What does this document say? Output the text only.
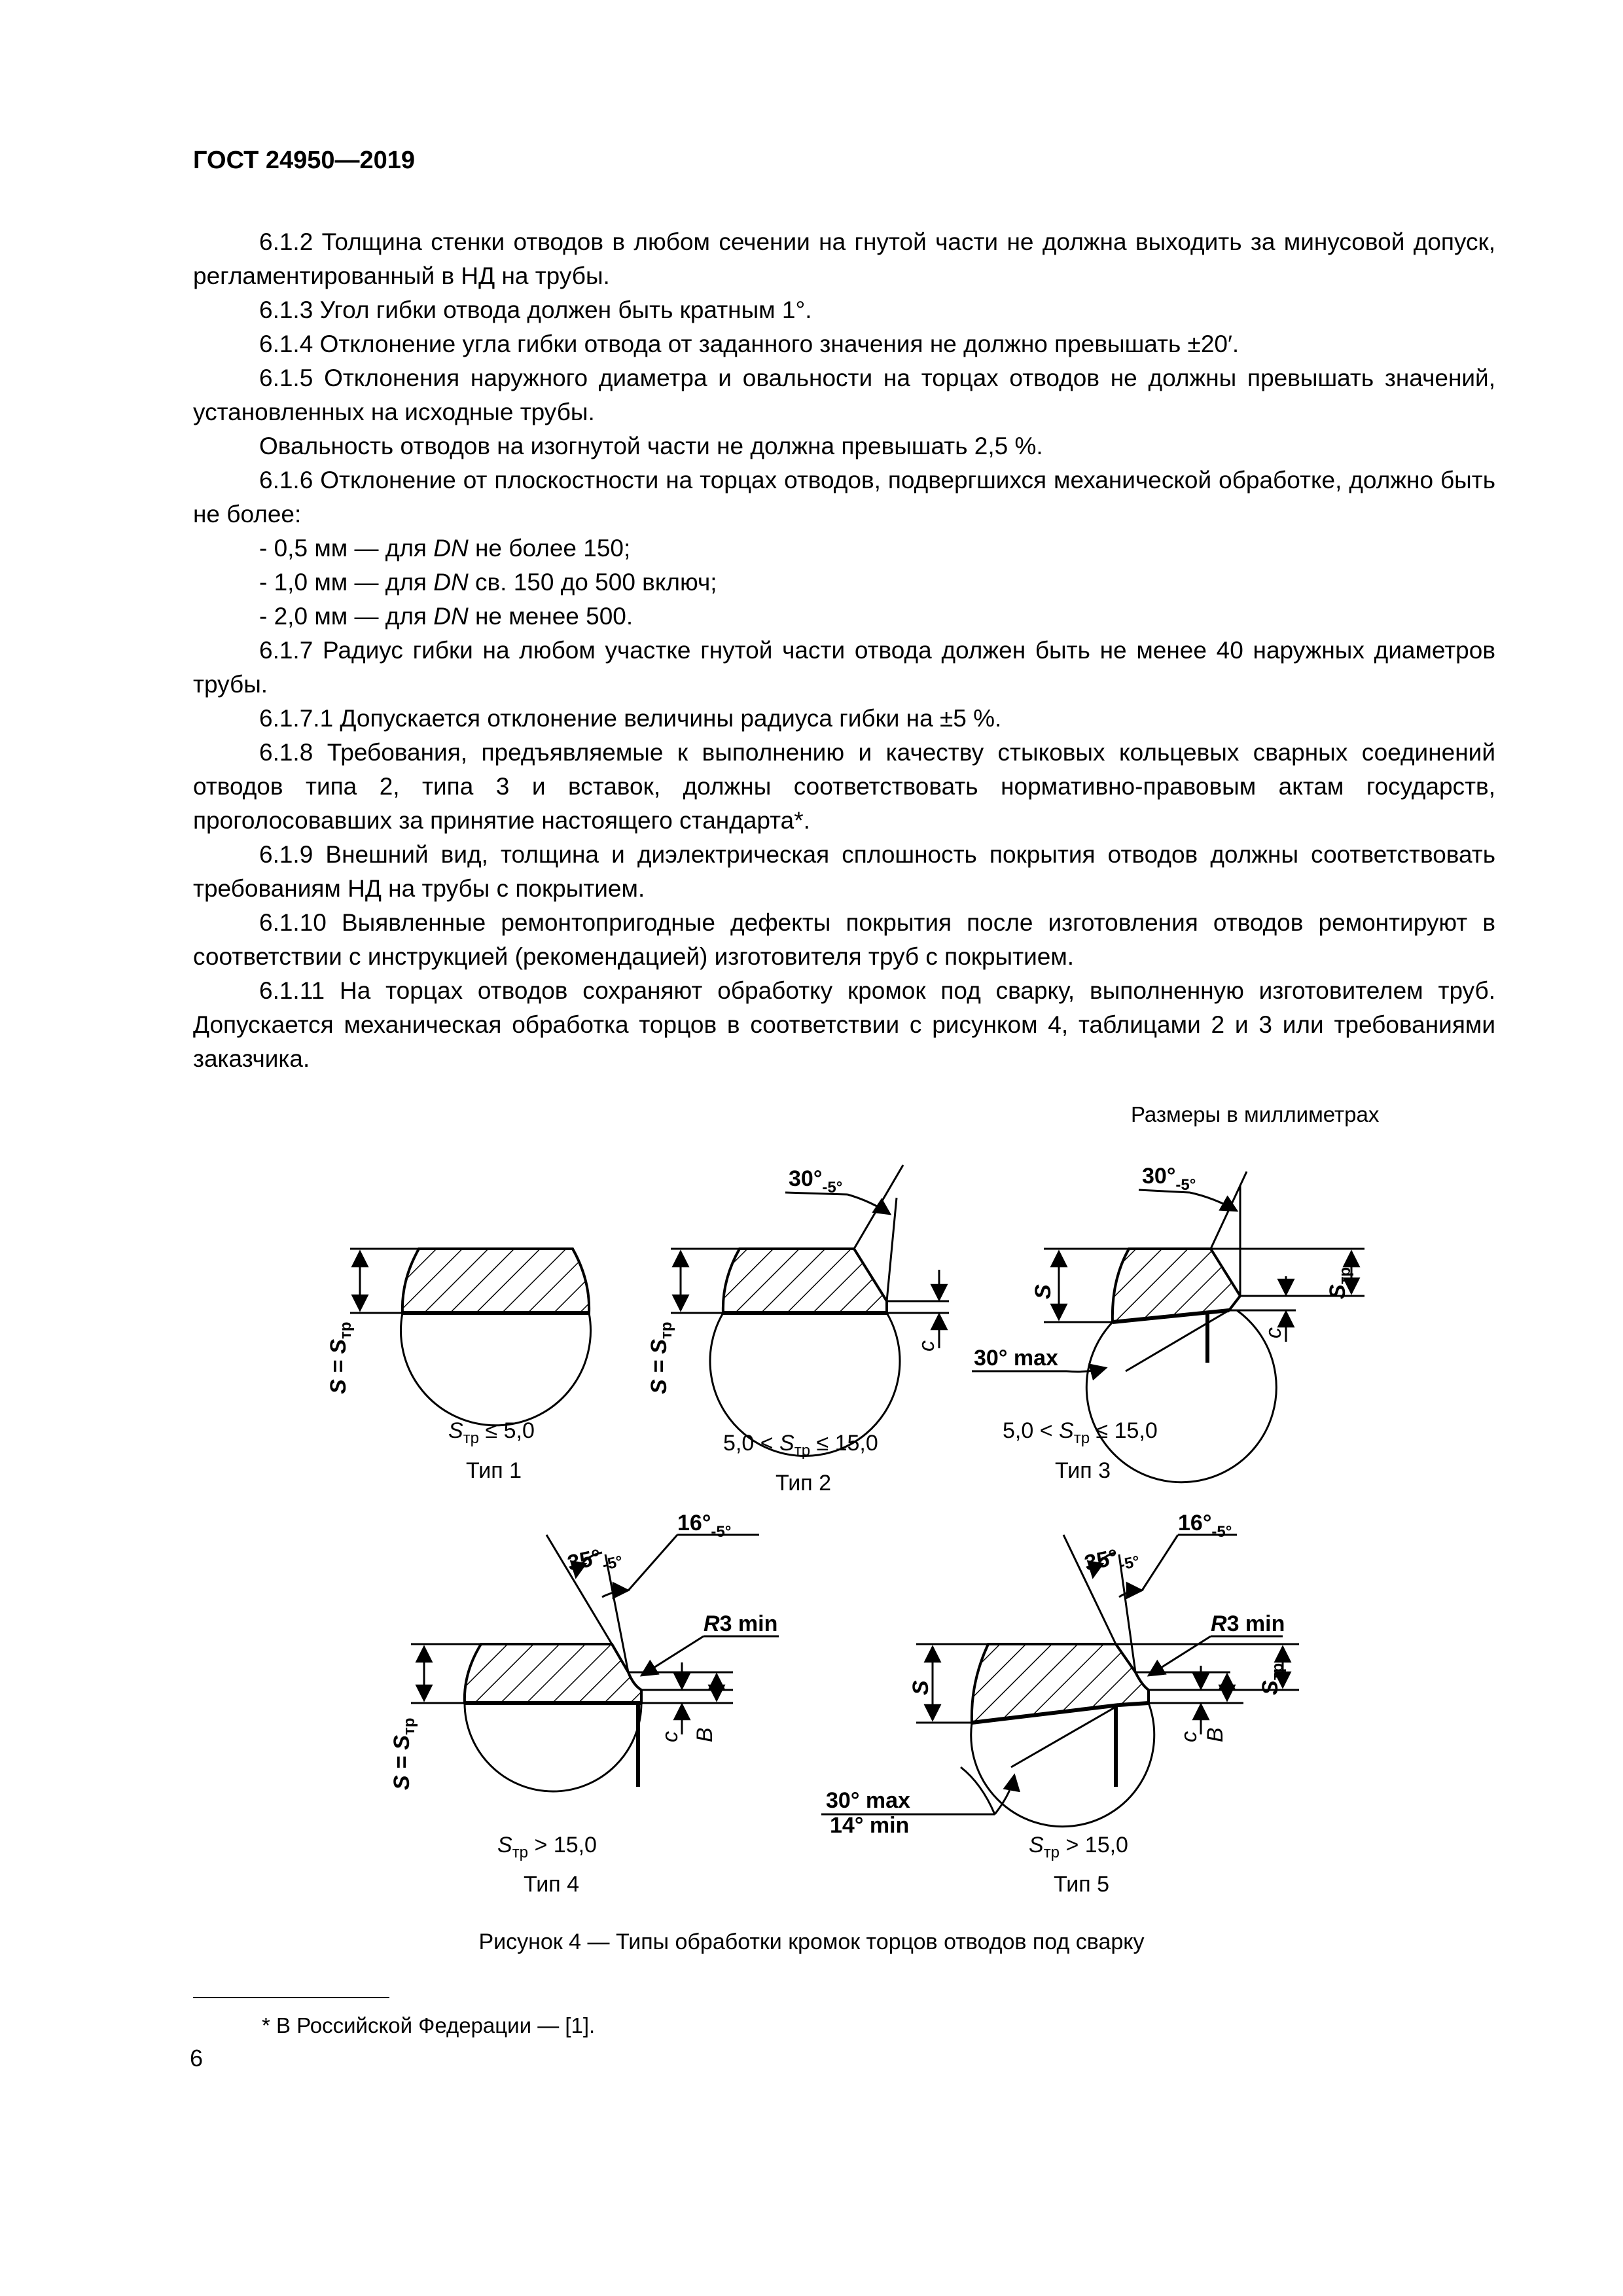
ГОСТ 24950—2019

6.1.2 Толщина стенки отводов в любом сечении на гнутой части не должна выходить за минусовой допуск, регламентированный в НД на трубы.

6.1.3 Угол гибки отвода должен быть кратным 1°.

6.1.4 Отклонение угла гибки отвода от заданного значения не должно превышать ±20′.

6.1.5 Отклонения наружного диаметра и овальности на торцах отводов не должны превышать значений, установленных на исходные трубы.

Овальность отводов на изогнутой части не должна превышать 2,5 %.

6.1.6 Отклонение от плоскостности на торцах отводов, подвергшихся механической обработке, должно быть не более:

- 0,5 мм — для DN не более 150;

- 1,0 мм — для DN св. 150 до 500 включ;

- 2,0 мм — для DN не менее 500.

6.1.7 Радиус гибки на любом участке гнутой части отвода должен быть не менее 40 наружных диаметров трубы.

6.1.7.1 Допускается отклонение величины радиуса гибки на ±5 %.

6.1.8 Требования, предъявляемые к выполнению и качеству стыковых кольцевых сварных соединений отводов типа 2, типа 3 и вставок, должны соответствовать нормативно-правовым актам государств, проголосовавших за принятие настоящего стандарта*.

6.1.9 Внешний вид, толщина и диэлектрическая сплошность покрытия отводов должны соответствовать требованиям НД на трубы с покрытием.

6.1.10 Выявленные ремонтопригодные дефекты покрытия после изготовления отводов ремонтируют в соответствии с инструкцией (рекомендацией) изготовителя труб с покрытием.

6.1.11 На торцах отводов сохраняют обработку кромок под сварку, выполненную изготовителем труб. Допускается механическая обработка торцов в соответствии с рисунком 4, таблицами 2 и 3 или требованиями заказчика.

Размеры в миллиметрах
$S = S_{тр}$
$S_{тр} \le 5,0$
Тип 1
$S = S_{тр}$
c
$30^\circ_{-5^\circ}$
$5,0 < S_{тр} \le 15,0$
Тип 2
S	$S_{тр}$
c
$30^\circ_{-5^\circ}$
30° max
$5,0 < S_{тр} \le 15,0$
Тип 3
$S = S_{тр}$
c B
$35^\circ_{-5^\circ}$
$16^\circ_{-5^\circ}$
R3 min
$S_{тр} > 15,0$
Тип 4
S	$S_{тр}$
c B
$35^\circ_{-5^\circ}$
$16^\circ_{-5^\circ}$
R3 min
30° max
14° min
$S_{тр} > 15,0$
Тип 5
Рисунок 4 — Типы обработки кромок торцов отводов под сварку
* В Российской Федерации — [1].
6
